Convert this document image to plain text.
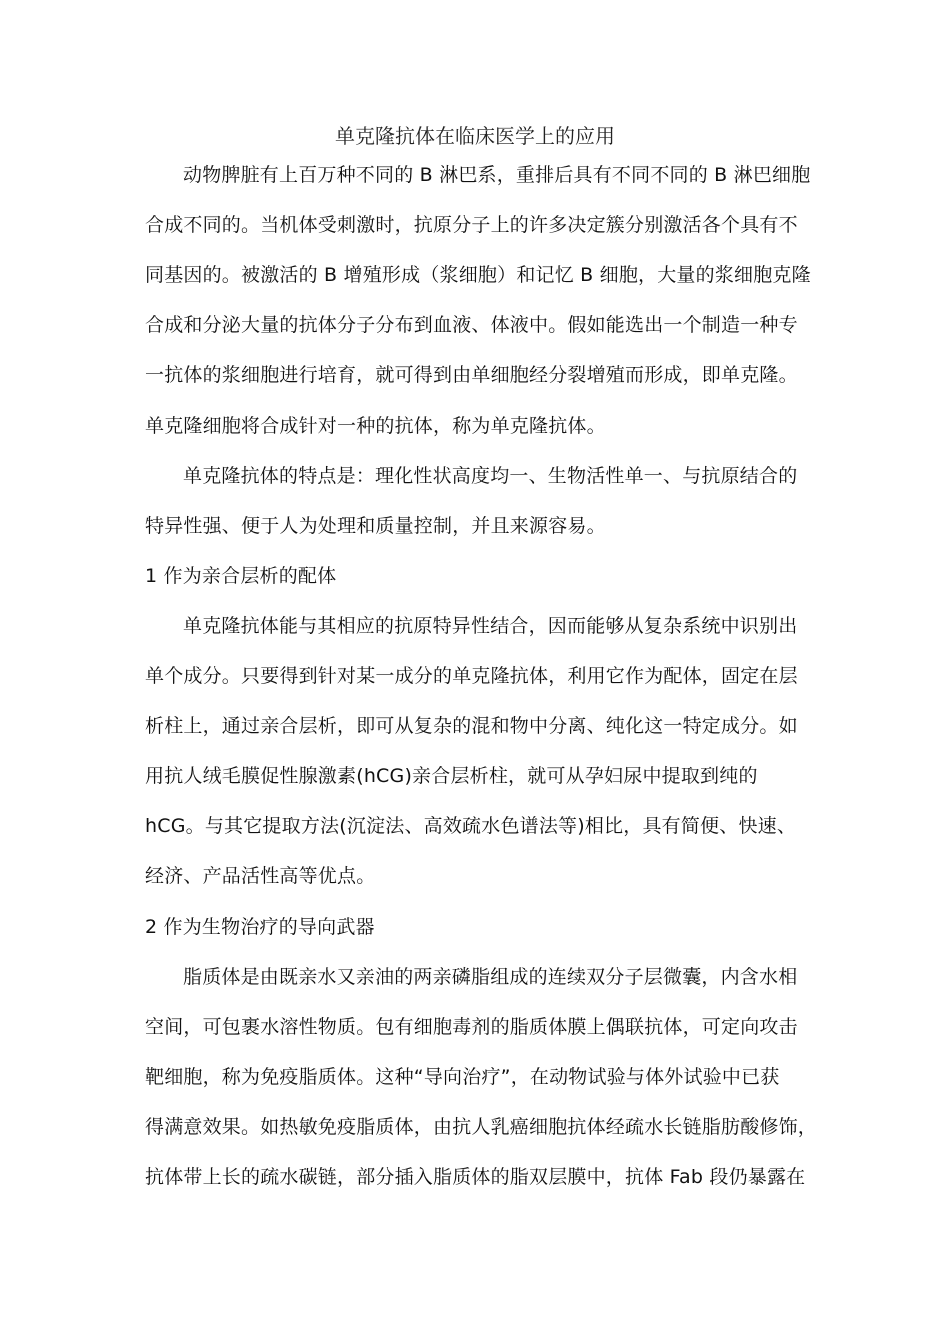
单克隆抗体在临床医学上的应用
动物脾脏有上百万种不同的 B 淋巴系，重排后具有不同不同的 B 淋巴细胞
合成不同的。当机体受刺激时，抗原分子上的许多决定簇分别激活各个具有不
同基因的。被激活的 B 增殖形成（浆细胞）和记忆 B 细胞，大量的浆细胞克隆
合成和分泌大量的抗体分子分布到血液、体液中。假如能选出一个制造一种专
一抗体的浆细胞进行培育，就可得到由单细胞经分裂增殖而形成，即单克隆。
单克隆细胞将合成针对一种的抗体，称为单克隆抗体。
单克隆抗体的特点是：理化性状高度均一、生物活性单一、与抗原结合的
特异性强、便于人为处理和质量控制，并且来源容易。
1 作为亲合层析的配体
单克隆抗体能与其相应的抗原特异性结合，因而能够从复杂系统中识别出
单个成分。只要得到针对某一成分的单克隆抗体，利用它作为配体，固定在层
析柱上，通过亲合层析，即可从复杂的混和物中分离、纯化这一特定成分。如
用抗人绒毛膜促性腺激素(hCG)亲合层析柱，就可从孕妇尿中提取到纯的
hCG。与其它提取方法(沉淀法、高效疏水色谱法等)相比，具有简便、快速、
经济、产品活性高等优点。
2 作为生物治疗的导向武器
脂质体是由既亲水又亲油的两亲磷脂组成的连续双分子层微囊，内含水相
空间，可包裹水溶性物质。包有细胞毒剂的脂质体膜上偶联抗体，可定向攻击
靶细胞，称为免疫脂质体。这种“导向治疗”，在动物试验与体外试验中已获
得满意效果。如热敏免疫脂质体，由抗人乳癌细胞抗体经疏水长链脂肪酸修饰，
抗体带上长的疏水碳链，部分插入脂质体的脂双层膜中，抗体 Fab 段仍暴露在
